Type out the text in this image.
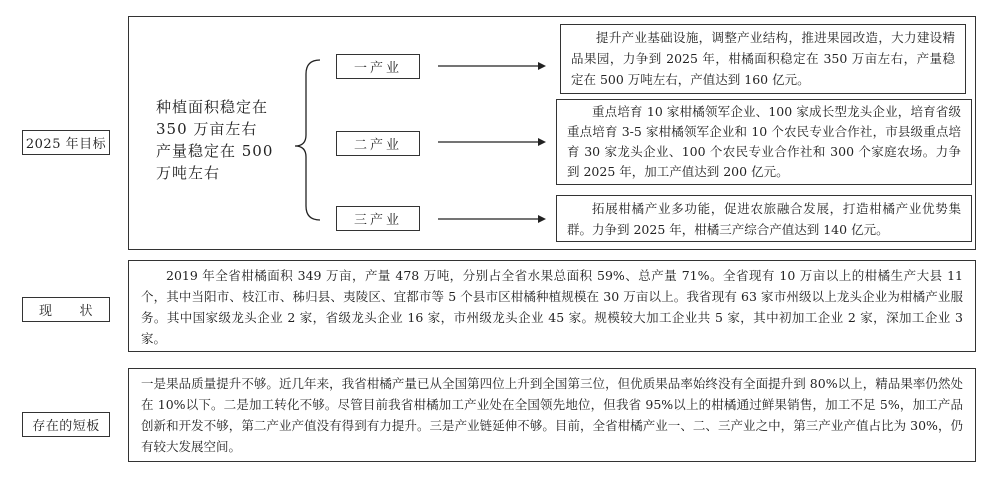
2025 年目标
现　　状
存在的短板
种植面积稳定在
350 万亩左右
产量稳定在 500
万吨左右
一产业
二产业
三产业
提升产业基础设施，调整产业结构，推进果园改造，大力建设精品果园，力争到 2025 年，柑橘面积稳定在 350 万亩左右，产量稳定在 500 万吨左右，产值达到 160 亿元。
重点培育 10 家柑橘领军企业、100 家成长型龙头企业，培育省级重点培育 3-5 家柑橘领军企业和 10 个农民专业合作社，市县级重点培育 30 家龙头企业、100 个农民专业合作社和 300 个家庭农场。力争到 2025 年，加工产值达到 200 亿元。
拓展柑橘产业多功能，促进农旅融合发展，打造柑橘产业优势集群。力争到 2025 年，柑橘三产综合产值达到 140 亿元。
2019 年全省柑橘面积 349 万亩，产量 478 万吨，分别占全省水果总面积 59%、总产量 71%。全省现有 10 万亩以上的柑橘生产大县 11 个，其中当阳市、枝江市、秭归县、夷陵区、宜都市等 5 个县市区柑橘种植规模在 30 万亩以上。我省现有 63 家市州级以上龙头企业为柑橘产业服务。其中国家级龙头企业 2 家，省级龙头企业 16 家，市州级龙头企业 45 家。规模较大加工企业共 5 家，其中初加工企业 2 家，深加工企业 3 家。
一是果品质量提升不够。近几年来，我省柑橘产量已从全国第四位上升到全国第三位，但优质果品率始终没有全面提升到 80%以上，精品果率仍然处在 10%以下。二是加工转化不够。尽管目前我省柑橘加工产业处在全国领先地位，但我省 95%以上的柑橘通过鲜果销售，加工不足 5%，加工产品创新和开发不够，第二产业产值没有得到有力提升。三是产业链延伸不够。目前，全省柑橘产业一、二、三产业之中，第三产业产值占比为 30%，仍有较大发展空间。
